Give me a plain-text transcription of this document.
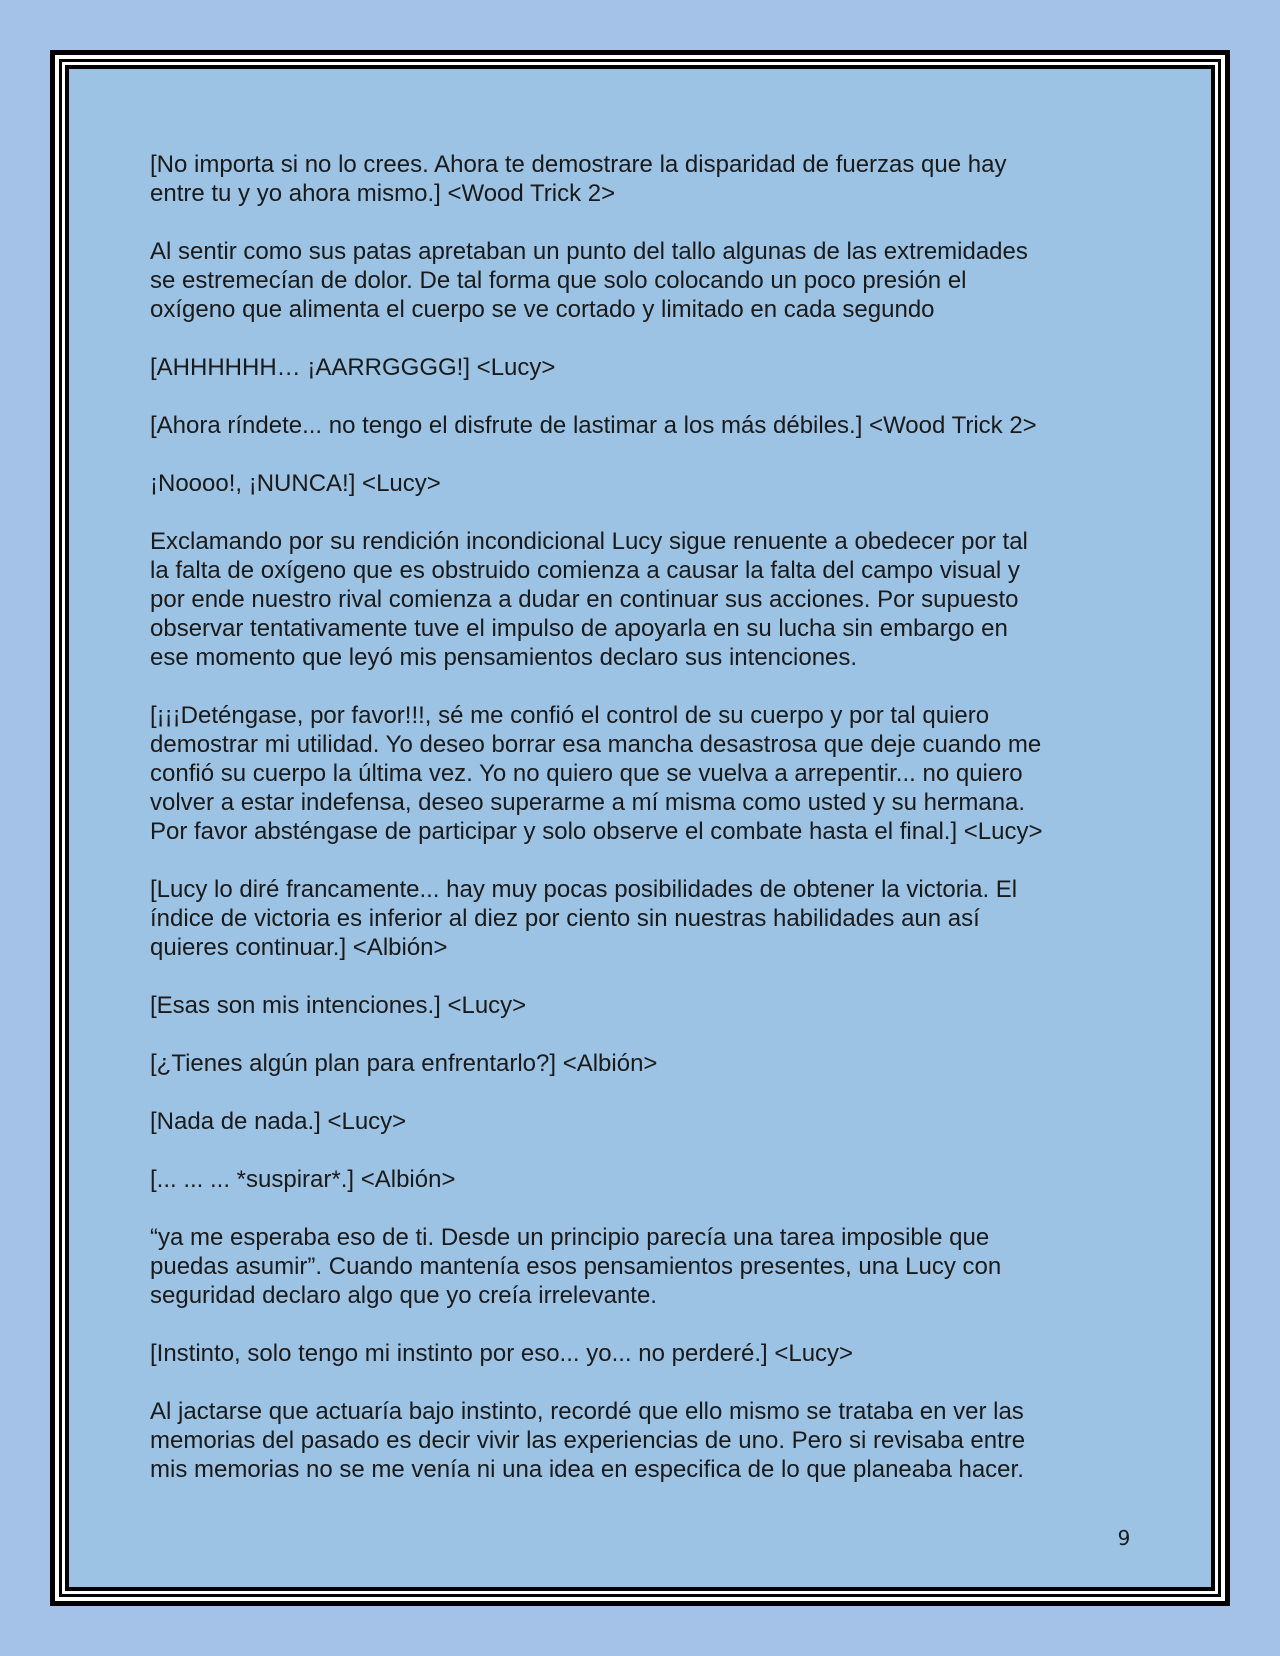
[No importa si no lo crees. Ahora te demostrare la disparidad de fuerzas que hay
entre tu y yo ahora mismo.] <Wood Trick 2>

Al sentir como sus patas apretaban un punto del tallo algunas de las extremidades
se estremecían de dolor. De tal forma que solo colocando un poco presión el
oxígeno que alimenta el cuerpo se ve cortado y limitado en cada segundo

[AHHHHHH… ¡AARRGGGG!] <Lucy>

[Ahora ríndete... no tengo el disfrute de lastimar a los más débiles.] <Wood Trick 2>

¡Noooo!, ¡NUNCA!] <Lucy>

Exclamando por su rendición incondicional Lucy sigue renuente a obedecer por tal
la falta de oxígeno que es obstruido comienza a causar la falta del campo visual y
por ende nuestro rival comienza a dudar en continuar sus acciones. Por supuesto
observar tentativamente tuve el impulso de apoyarla en su lucha sin embargo en
ese momento que leyó mis pensamientos declaro sus intenciones.

[¡¡¡Deténgase, por favor!!!, sé me confió el control de su cuerpo y por tal quiero
demostrar mi utilidad. Yo deseo borrar esa mancha desastrosa que deje cuando me
confió su cuerpo la última vez. Yo no quiero que se vuelva a arrepentir... no quiero
volver a estar indefensa, deseo superarme a mí misma como usted y su hermana.
Por favor absténgase de participar y solo observe el combate hasta el final.] <Lucy>

[Lucy lo diré francamente... hay muy pocas posibilidades de obtener la victoria. El
índice de victoria es inferior al diez por ciento sin nuestras habilidades aun así
quieres continuar.] <Albión>

[Esas son mis intenciones.] <Lucy>

[¿Tienes algún plan para enfrentarlo?] <Albión>

[Nada de nada.] <Lucy>

[... ... ... *suspirar*.] <Albión>

“ya me esperaba eso de ti. Desde un principio parecía una tarea imposible que
puedas asumir”. Cuando mantenía esos pensamientos presentes, una Lucy con
seguridad declaro algo que yo creía irrelevante.

[Instinto, solo tengo mi instinto por eso... yo... no perderé.] <Lucy>

Al jactarse que actuaría bajo instinto, recordé que ello mismo se trataba en ver las
memorias del pasado es decir vivir las experiencias de uno. Pero si revisaba entre
mis memorias no se me venía ni una idea en especifica de lo que planeaba hacer.

9
